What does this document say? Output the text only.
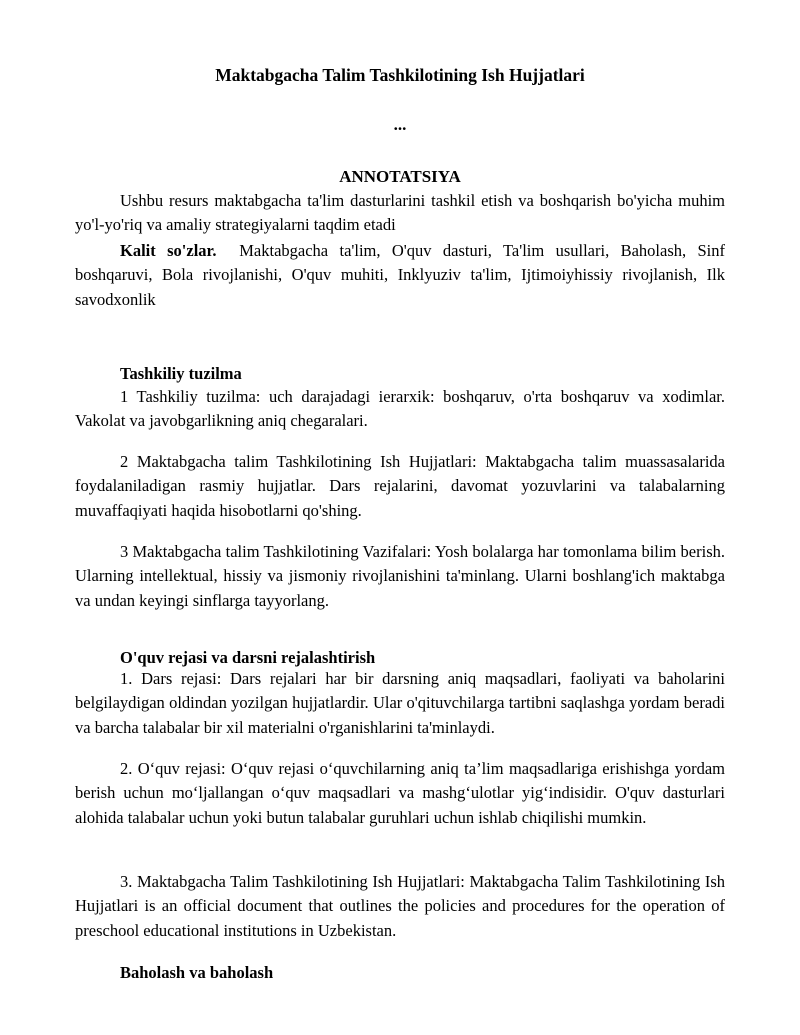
Maktabgacha Talim Tashkilotining Ish Hujjatlari
...
ANNOTATSIYA

Ushbu resurs maktabgacha ta'lim dasturlarini tashkil etish va boshqarish bo'yicha muhim yo'l-yo'riq va amaliy strategiyalarni taqdim etadi

Kalit so'zlar. Maktabgacha ta'lim, O'quv dasturi, Ta'lim usullari, Baholash, Sinf boshqaruvi, Bola rivojlanishi, O'quv muhiti, Inklyuziv ta'lim, Ijtimoiyhissiy rivojlanish, Ilk savodxonlik

Tashkiliy tuzilma

1 Tashkiliy tuzilma: uch darajadagi ierarxik: boshqaruv, o'rta boshqaruv va xodimlar. Vakolat va javobgarlikning aniq chegaralari.

2 Maktabgacha talim Tashkilotining Ish Hujjatlari: Maktabgacha talim muassasalarida foydalaniladigan rasmiy hujjatlar. Dars rejalarini, davomat yozuvlarini va talabalarning muvaffaqiyati haqida hisobotlarni qo'shing.

3 Maktabgacha talim Tashkilotining Vazifalari: Yosh bolalarga har tomonlama bilim berish. Ularning intellektual, hissiy va jismoniy rivojlanishini ta'minlang. Ularni boshlang'ich maktabga va undan keyingi sinflarga tayyorlang.

O'quv rejasi va darsni rejalashtirish

1. Dars rejasi: Dars rejalari har bir darsning aniq maqsadlari, faoliyati va baholarini belgilaydigan oldindan yozilgan hujjatlardir. Ular o'qituvchilarga tartibni saqlashga yordam beradi va barcha talabalar bir xil materialni o'rganishlarini ta'minlaydi.

2. O‘quv rejasi: O‘quv rejasi o‘quvchilarning aniq ta’lim maqsadlariga erishishga yordam berish uchun mo‘ljallangan o‘quv maqsadlari va mashg‘ulotlar yig‘indisidir. O'quv dasturlari alohida talabalar uchun yoki butun talabalar guruhlari uchun ishlab chiqilishi mumkin.

3. Maktabgacha Talim Tashkilotining Ish Hujjatlari: Maktabgacha Talim Tashkilotining Ish Hujjatlari is an official document that outlines the policies and procedures for the operation of preschool educational institutions in Uzbekistan.

Baholash va baholash
